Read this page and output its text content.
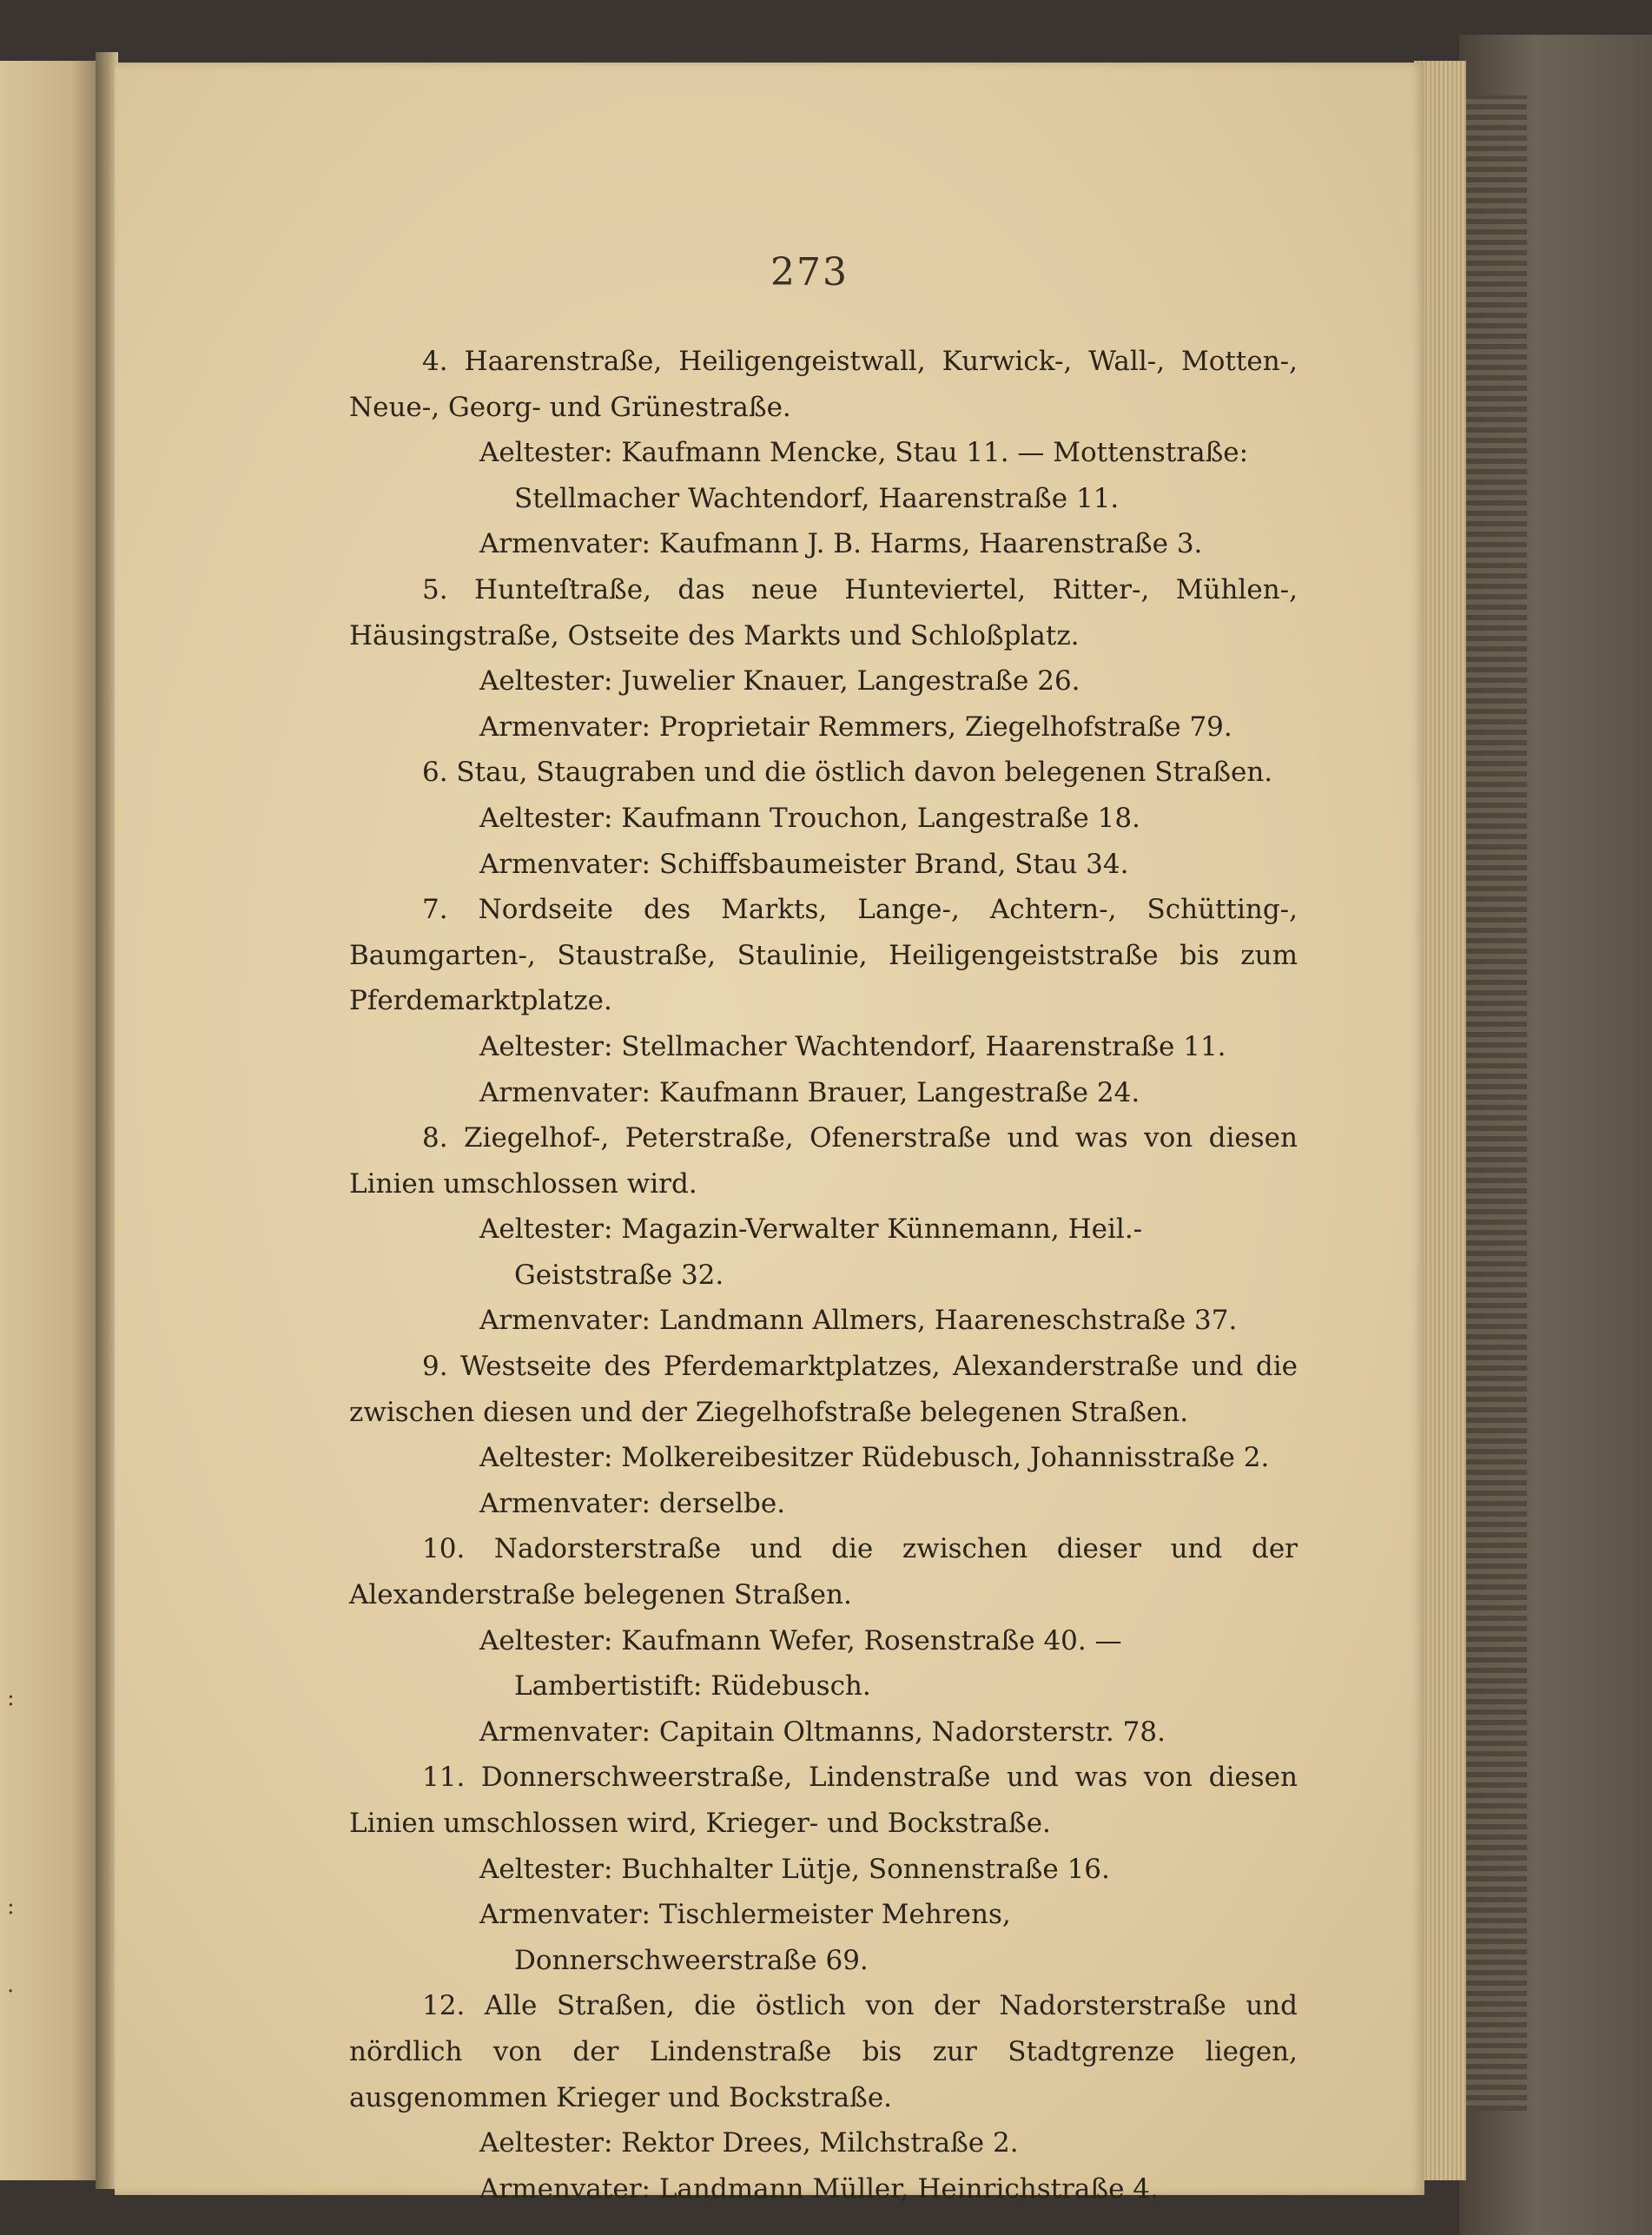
:
:
.
273

4. Haarenstraße, Heiligengeistwall, Kurwick-, Wall-, Motten-, Neue-, Georg- und Grünestraße.

Aeltester: Kaufmann Mencke, Stau 11. — Mottenstraße: Stellmacher Wachtendorf, Haarenstraße 11.

Armenvater: Kaufmann J. B. Harms, Haarenstraße 3.

5. Hunteſtraße, das neue Hunteviertel, Ritter-, Mühlen-, Häusingstraße, Ostseite des Markts und Schloßplatz.

Aeltester: Juwelier Knauer, Langestraße 26.

Armenvater: Proprietair Remmers, Ziegelhofstraße 79.

6. Stau, Staugraben und die östlich davon belegenen Straßen.

Aeltester: Kaufmann Trouchon, Langestraße 18.

Armenvater: Schiffsbaumeister Brand, Stau 34.

7. Nordseite des Markts, Lange-, Achtern-, Schütting-, Baumgarten-, Staustraße, Staulinie, Heiligengeiststraße bis zum Pferdemarktplatze.

Aeltester: Stellmacher Wachtendorf, Haarenstraße 11.

Armenvater: Kaufmann Brauer, Langestraße 24.

8. Ziegelhof-, Peterstraße, Ofenerstraße und was von diesen Linien umschlossen wird.

Aeltester: Magazin-Verwalter Künnemann, Heil.-Geiststraße 32.

Armenvater: Landmann Allmers, Haareneschstraße 37.

9. Westseite des Pferdemarktplatzes, Alexanderstraße und die zwischen diesen und der Ziegelhofstraße belegenen Straßen.

Aeltester: Molkereibesitzer Rüdebusch, Johannisstraße 2.

Armenvater: derselbe.

10. Nadorsterstraße und die zwischen dieser und der Alexanderstraße belegenen Straßen.

Aeltester: Kaufmann Wefer, Rosenstraße 40. — Lambertistift: Rüdebusch.

Armenvater: Capitain Oltmanns, Nadorsterstr. 78.

11. Donnerschweerstraße, Lindenstraße und was von diesen Linien umschlossen wird, Krieger- und Bockstraße.

Aeltester: Buchhalter Lütje, Sonnenstraße 16.

Armenvater: Tischlermeister Mehrens, Donnerschweerstraße 69.

12. Alle Straßen, die östlich von der Nadorsterstraße und nördlich von der Lindenstraße bis zur Stadtgrenze liegen, ausgenommen Krieger und Bockstraße.

Aeltester: Rektor Drees, Milchstraße 2.

Armenvater: Landmann Müller, Heinrichstraße 4.
